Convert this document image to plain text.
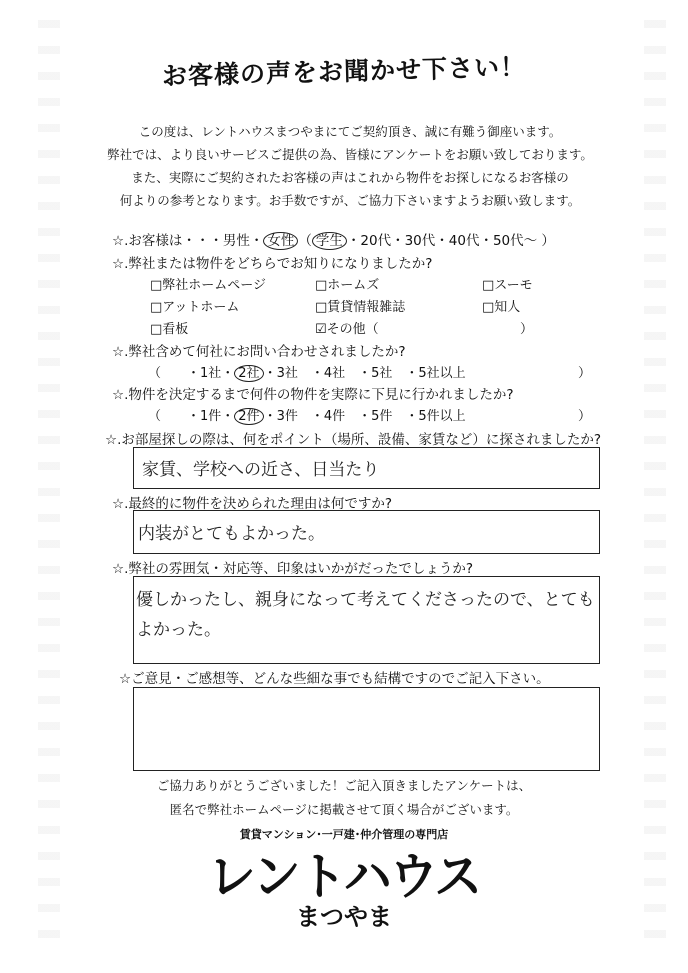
お客様の声をお聞かせ下さい！
この度は、レントハウスまつやまにてご契約頂き、誠に有難う御座います。
弊社では、より良いサービスご提供の為、皆様にアンケートをお願い致しております。
また、実際にご契約されたお客様の声はこれから物件をお探しになるお客様の
何よりの参考となります。お手数ですが、ご協力下さいますようお願い致します。
☆.お客様は・・・男性・ 女性 （ 学生 ・20代・30代・40代・50代～ ）
☆.弊社または物件をどちらでお知りになりましたか?
□弊社ホームページ	□ホームズ	□スーモ
□アットホーム	□賃貸情報雑誌	□知人
□看板	☑その他（	）
☆.弊社含めて何社にお問い合わせされましたか?
（　　・1社・ 2社 ・3社　・4社　・5社　・5社以上	）
☆.物件を決定するまで何件の物件を実際に下見に行かれましたか?
（　　・1件・ 2件 ・3件　・4件　・5件　・5件以上	）
☆.お部屋探しの際は、何をポイント（場所、設備、家賃など）に探されましたか?
家賃、学校への近さ、日当たり
☆.最終的に物件を決められた理由は何ですか?
内装がとてもよかった。
☆.弊社の雰囲気・対応等、印象はいかがだったでしょうか?
優しかったし、親身になって考えてくださったので、とても
よかった。
☆ご意見・ご感想等、どんな些細な事でも結構ですのでご記入下さい。
ご協力ありがとうございました！ご記入頂きましたアンケートは、
匿名で弊社ホームページに掲載させて頂く場合がございます。
賃貸マンション･一戸建･仲介管理の専門店
レントハウス
まつやま
